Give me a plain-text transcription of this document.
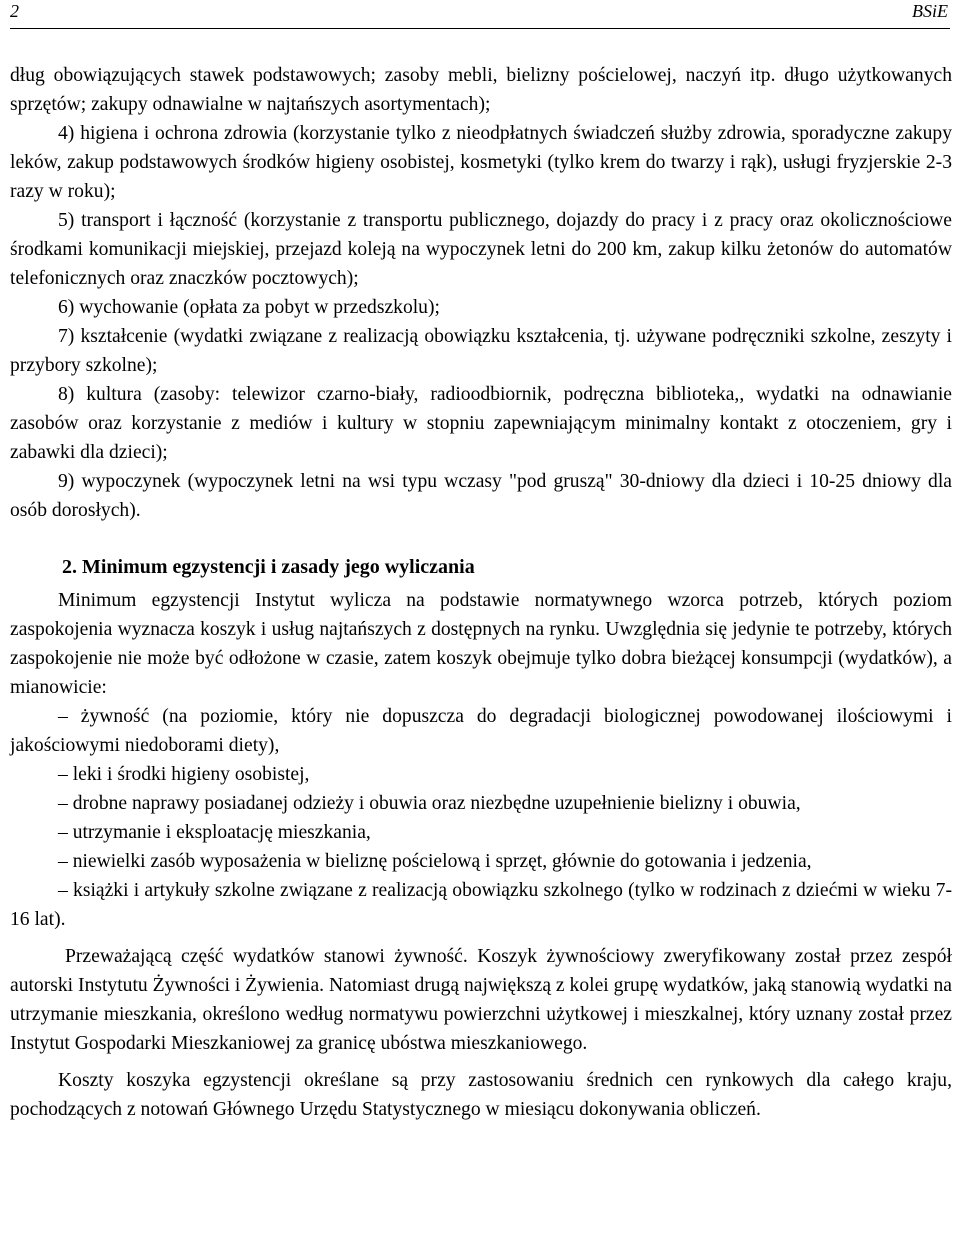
2	BSiE

dług obowiązujących stawek podstawowych; zasoby mebli, bielizny pościelowej, naczyń itp. długo użytkowanych sprzętów; zakupy odnawialne w najtańszych asortymentach);

4) higiena i ochrona zdrowia (korzystanie tylko z nieodpłatnych świadczeń służby zdrowia, sporadyczne zakupy leków, zakup podstawowych środków higieny osobistej, kosmetyki (tylko krem do twarzy i rąk), usługi fryzjerskie 2-3 razy w roku);

5) transport i łączność (korzystanie z transportu publicznego, dojazdy do pracy i z pracy oraz okolicznościowe środkami komunikacji miejskiej, przejazd koleją na wypoczynek letni do 200 km, zakup kilku żetonów do automatów telefonicznych oraz znaczków pocztowych);

6) wychowanie (opłata za pobyt w przedszkolu);

7) kształcenie (wydatki związane z realizacją obowiązku kształcenia, tj. używane podręczniki szkolne, zeszyty i przybory szkolne);

8) kultura (zasoby: telewizor czarno-biały, radioodbiornik, podręczna biblioteka,, wydatki na odnawianie zasobów oraz korzystanie z mediów i kultury w stopniu zapewniającym minimalny kontakt z otoczeniem, gry i zabawki dla dzieci);

9) wypoczynek (wypoczynek letni na wsi typu wczasy "pod gruszą" 30-dniowy dla dzieci i 10-25 dniowy dla osób dorosłych).

2. Minimum egzystencji i zasady jego wyliczania

Minimum egzystencji Instytut wylicza na podstawie normatywnego wzorca potrzeb, których poziom zaspokojenia wyznacza koszyk i usług najtańszych z dostępnych na rynku. Uwzględnia się jedynie te potrzeby, których zaspokojenie nie może być odłożone w czasie, zatem koszyk obejmuje tylko dobra bieżącej konsumpcji (wydatków), a mianowicie:

– żywność (na poziomie, który nie dopuszcza do degradacji biologicznej powodowanej ilościowymi i jakościowymi niedoborami diety),

– leki i środki higieny osobistej,

– drobne naprawy posiadanej odzieży i obuwia oraz niezbędne uzupełnienie bielizny i obuwia,

– utrzymanie i eksploatację mieszkania,

– niewielki zasób wyposażenia w bieliznę pościelową i sprzęt, głównie do gotowania i jedzenia,

– książki i artykuły szkolne związane z realizacją obowiązku szkolnego (tylko w rodzinach z dziećmi w wieku 7-16 lat).

Przeważającą część wydatków stanowi żywność. Koszyk żywnościowy zweryfikowany został przez zespół autorski Instytutu Żywności i Żywienia. Natomiast drugą największą z kolei grupę wydatków, jaką stanowią wydatki na utrzymanie mieszkania, określono według normatywu powierzchni użytkowej i mieszkalnej, który uznany został przez Instytut Gospodarki Mieszkaniowej za granicę ubóstwa mieszkaniowego.

Koszty koszyka egzystencji określane są przy zastosowaniu średnich cen rynkowych dla całego kraju, pochodzących z notowań Głównego Urzędu Statystycznego w miesiącu dokonywania obliczeń.
